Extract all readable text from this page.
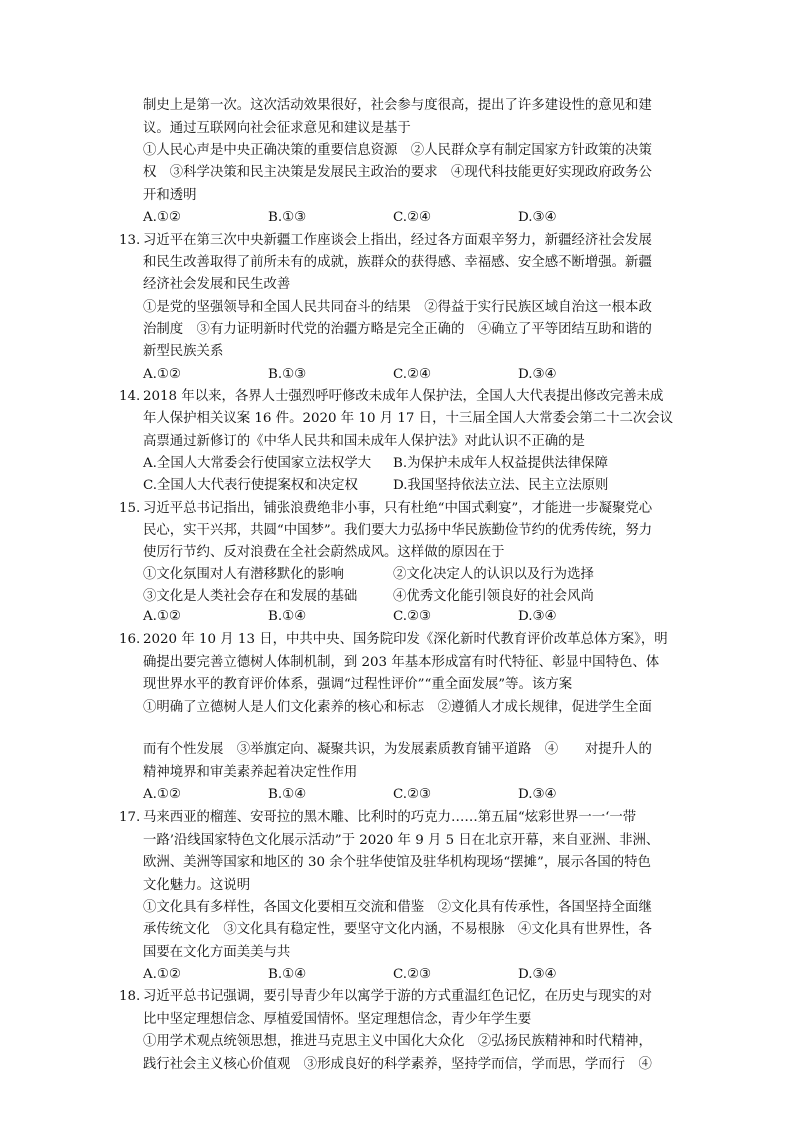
制史上是第一次。这次活动效果很好，社会参与度很高，提出了许多建设性的意见和建
议。通过互联网向社会征求意见和建议是基于
①人民心声是中央正确决策的重要信息资源　②人民群众享有制定国家方针政策的决策
权　③科学决策和民主决策是发展民主政治的要求　④现代科技能更好实现政府政务公
开和透明
A.①②	B.①③	C.②④	D.③④
13. 习近平在第三次中央新疆工作座谈会上指出，经过各方面艰辛努力，新疆经济社会发展
和民生改善取得了前所未有的成就，族群众的获得感、幸福感、安全感不断增强。新疆
经济社会发展和民生改善
①是党的坚强领导和全国人民共同奋斗的结果　②得益于实行民族区域自治这一根本政
治制度　③有力证明新时代党的治疆方略是完全正确的　④确立了平等团结互助和谐的
新型民族关系
A.①②	B.①③	C.②④	D.③④
14. 2018 年以来，各界人士强烈呼吁修改未成年人保护法，全国人大代表提出修改完善未成
年人保护相关议案 16 件。2020 年 10 月 17 日，十三届全国人大常委会第二十二次会议
高票通过新修订的《中华人民共和国未成年人保护法》对此认识不正确的是
A.全国人大常委会行使国家立法权学大 B.为保护未成年人权益提供法律保障
C.全国人大代表行使提案权和决定权	D.我国坚持依法立法、民主立法原则
15. 习近平总书记指出，铺张浪费绝非小事，只有杜绝“中国式剩宴”，才能进一步凝聚党心
民心，实干兴邦，共圆“中国梦”。我们要大力弘扬中华民族勤俭节约的优秀传统，努力
使厉行节约、反对浪费在全社会蔚然成风。这样做的原因在于
①文化氛围对人有潜移默化的影响	②文化决定人的认识以及行为选择
③文化是人类社会存在和发展的基础	④优秀文化能引领良好的社会风尚
A.①②	B.①④	C.②③	D.③④
16. 2020 年 10 月 13 日，中共中央、国务院印发《深化新时代教育评价改革总体方案》，明
确提出要完善立德树人体制机制，到 203 年基本形成富有时代特征、彰显中国特色、体
现世界水平的教育评价体系，强调“过程性评价”“重全面发展”等。该方案
①明确了立德树人是人们文化素养的核心和标志　②遵循人才成长规律，促进学生全面
而有个性发展　③举旗定向、凝聚共识，为发展素质教育铺平道路　④　　对提升人的
精神境界和审美素养起着决定性作用
A.①②	B.①④	C.②③	D.③④
17. 马来西亚的榴莲、安哥拉的黑木雕、比利时的巧克力……第五届“炫彩世界一一‘一带
一路’沿线国家特色文化展示活动”于 2020 年 9 月 5 日在北京开幕，来自亚洲、非洲、
欧洲、美洲等国家和地区的 30 余个驻华使馆及驻华机构现场“摆摊”，展示各国的特色
文化魅力。这说明
①文化具有多样性，各国文化要相互交流和借鉴　②文化具有传承性，各国坚持全面继
承传统文化　③文化具有稳定性，要坚守文化内涵，不易根脉　④文化具有世界性，各
国要在文化方面美美与共
A.①②	B.①④	C.②③	D.③④
18. 习近平总书记强调，要引导青少年以寓学于游的方式重温红色记忆，在历史与现实的对
比中坚定理想信念、厚植爱国情怀。坚定理想信念，青少年学生要
①用学术观点统领思想，推进马克思主义中国化大众化　②弘扬民族精神和时代精神，
践行社会主义核心价值观　③形成良好的科学素养，坚持学而信，学而思，学而行　④
